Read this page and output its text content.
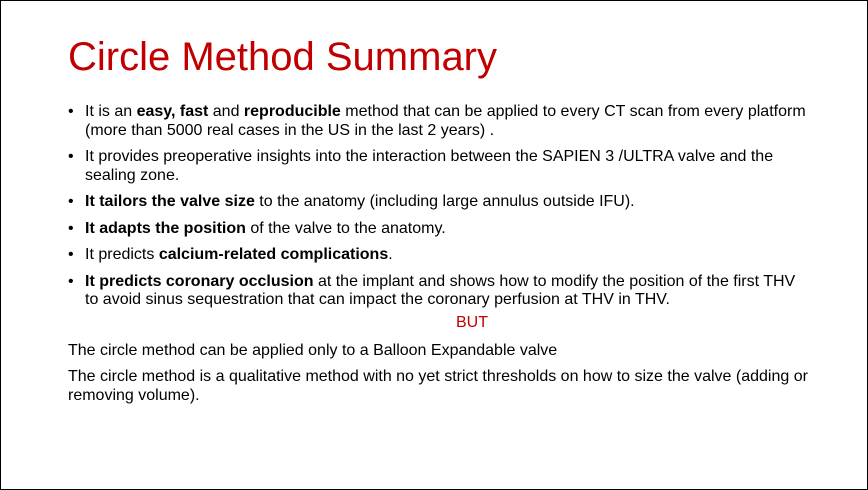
Circle Method Summary
• It is an easy, fast and reproducible method that can be applied to every CT scan from every platform (more than 5000 real cases in the US in the last 2 years) .
• It provides preoperative insights into the interaction between the SAPIEN 3 /ULTRA valve and the sealing zone.
• It tailors the valve size to the anatomy (including large annulus outside IFU).
• It adapts the position of the valve to the anatomy.
• It predicts calcium-related complications.
• It predicts coronary occlusion at the implant and shows how to modify the position of the first THV to avoid sinus sequestration that can impact the coronary perfusion at THV in THV.
BUT

The circle method can be applied only to a Balloon Expandable valve

The circle method is a qualitative method with no yet strict thresholds on how to size the valve (adding or removing volume).
